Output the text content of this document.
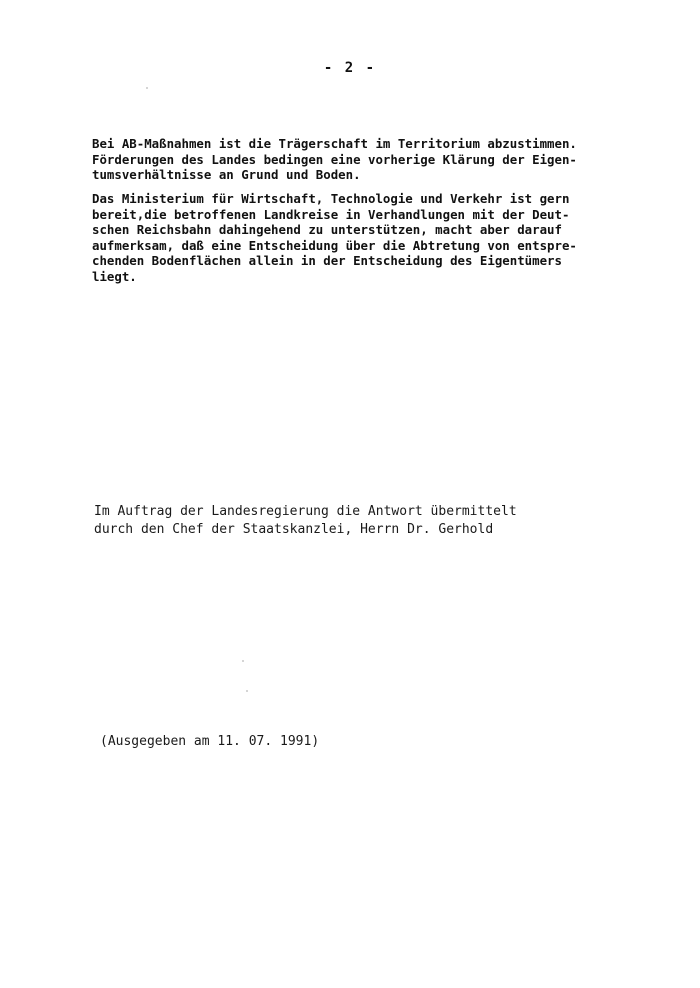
- 2 -

Bei AB-Maßnahmen ist die Trägerschaft im Territorium abzustimmen.
Förderungen des Landes bedingen eine vorherige Klärung der Eigen-
tumsverhältnisse an Grund und Boden.

Das Ministerium für Wirtschaft, Technologie und Verkehr ist gern
bereit,die betroffenen Landkreise in Verhandlungen mit der Deut-
schen Reichsbahn dahingehend zu unterstützen, macht aber darauf
aufmerksam, daß eine Entscheidung über die Abtretung von entspre-
chenden Bodenflächen allein in der Entscheidung des Eigentümers
liegt.

Im Auftrag der Landesregierung die Antwort übermittelt
durch den Chef der Staatskanzlei, Herrn Dr. Gerhold

(Ausgegeben am 11. 07. 1991)
